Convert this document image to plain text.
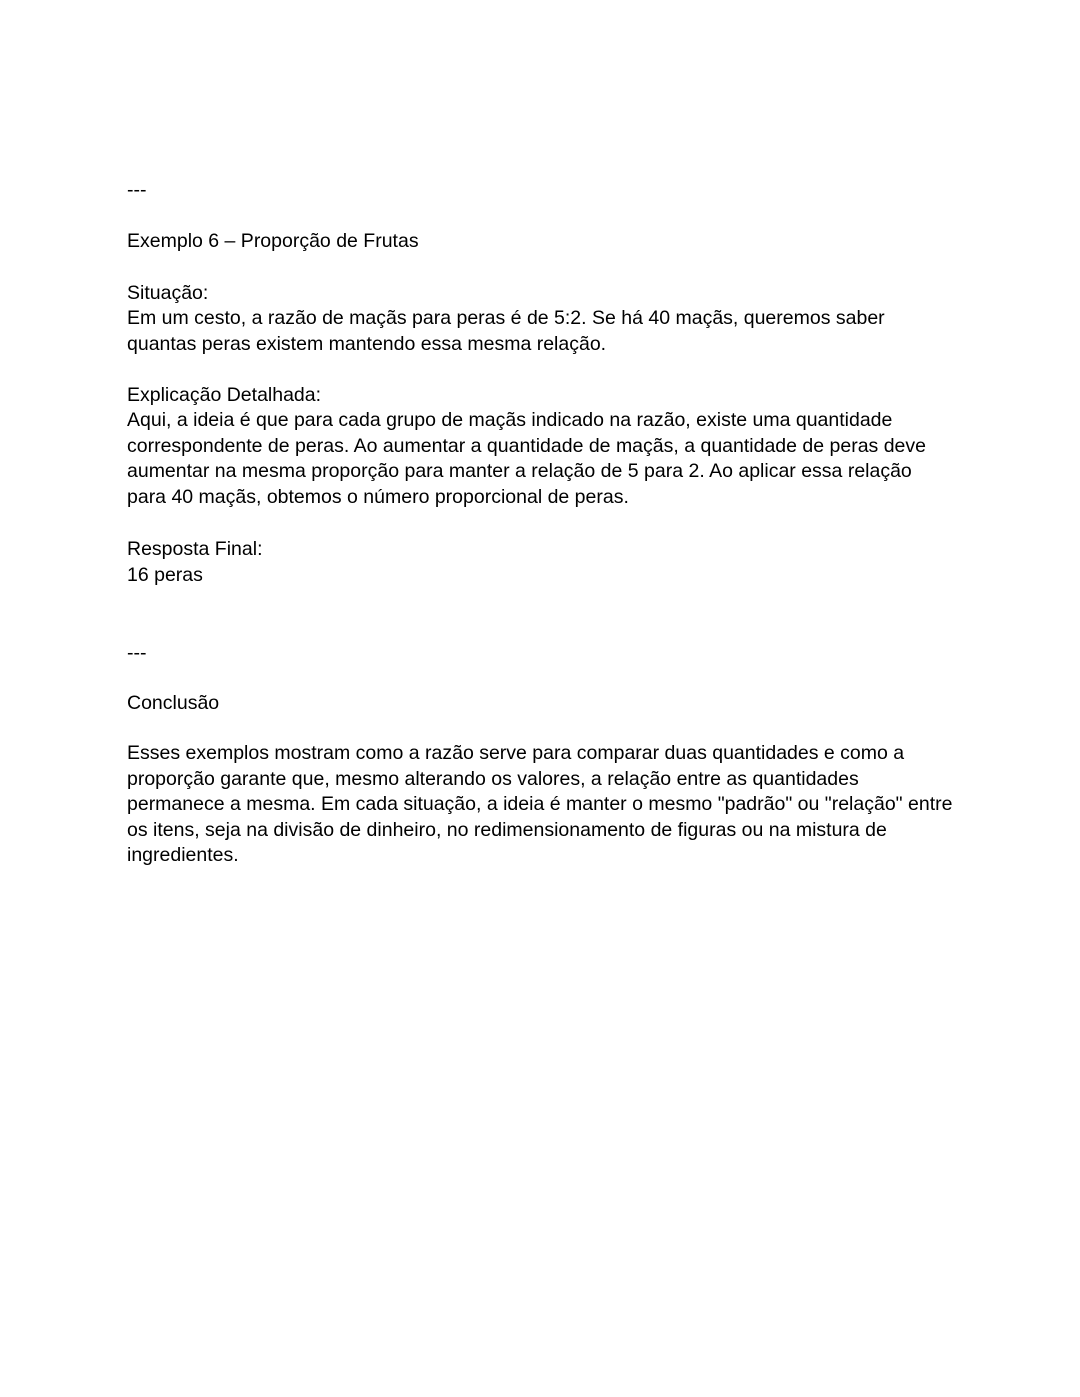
---
Exemplo 6 – Proporção de Frutas
Situação:
Em um cesto, a razão de maçãs para peras é de 5:2. Se há 40 maçãs, queremos saber
quantas peras existem mantendo essa mesma relação.
Explicação Detalhada:
Aqui, a ideia é que para cada grupo de maçãs indicado na razão, existe uma quantidade
correspondente de peras. Ao aumentar a quantidade de maçãs, a quantidade de peras deve
aumentar na mesma proporção para manter a relação de 5 para 2. Ao aplicar essa relação
para 40 maçãs, obtemos o número proporcional de peras.
Resposta Final:
16 peras
---
Conclusão
Esses exemplos mostram como a razão serve para comparar duas quantidades e como a
proporção garante que, mesmo alterando os valores, a relação entre as quantidades
permanece a mesma. Em cada situação, a ideia é manter o mesmo "padrão" ou "relação" entre
os itens, seja na divisão de dinheiro, no redimensionamento de figuras ou na mistura de
ingredientes.
